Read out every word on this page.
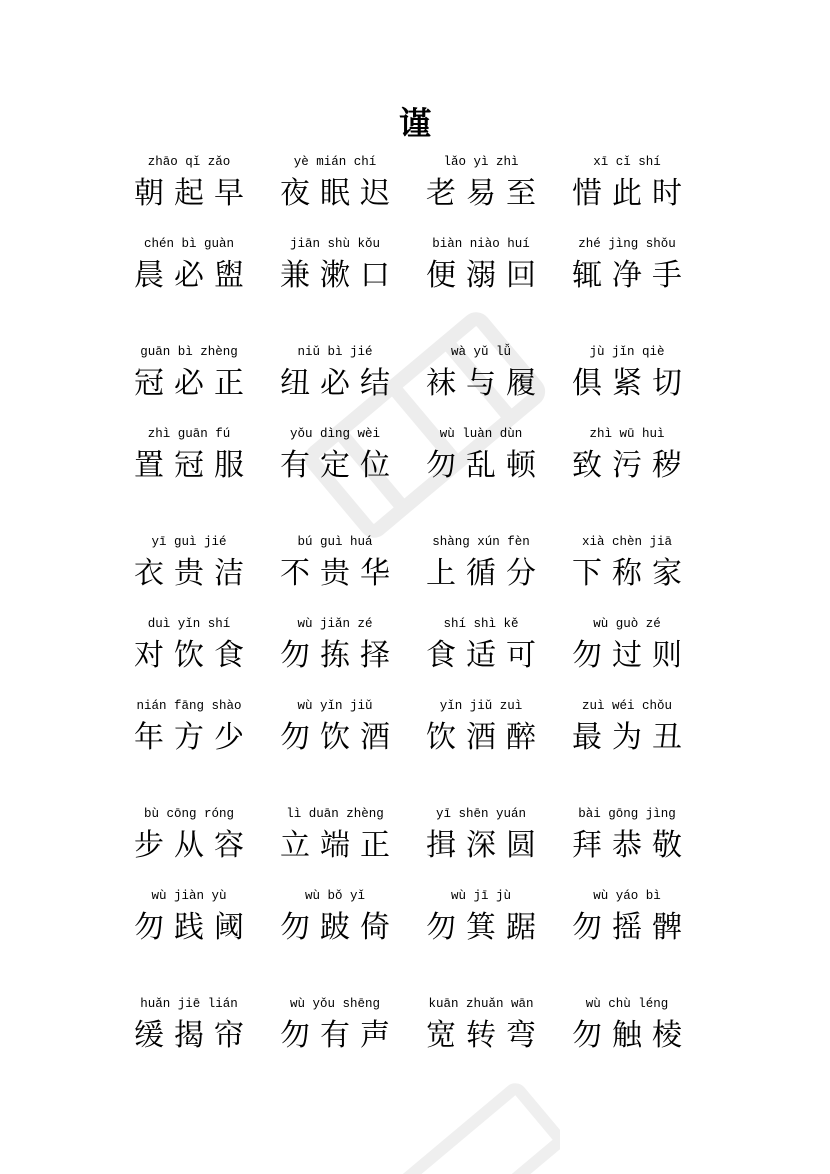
谨
zhāo qǐ zǎo
朝起早
yè mián chí
夜眠迟
lǎo yì zhì
老易至
xī cǐ shí
惜此时
chén bì guàn
晨必盥
jiān shù kǒu
兼漱口
biàn niào huí
便溺回
zhé jìng shǒu
辄净手
guān bì zhèng
冠必正
niǔ bì jié
纽必结
wà yǔ lǚ
袜与履
jù jǐn qiè
俱紧切
zhì guān fú
置冠服
yǒu dìng wèi
有定位
wù luàn dùn
勿乱顿
zhì wū huì
致污秽
yī guì jié
衣贵洁
bú guì huá
不贵华
shàng xún fèn
上循分
xià chèn jiā
下称家
duì yǐn shí
对饮食
wù jiǎn zé
勿拣择
shí shì kě
食适可
wù guò zé
勿过则
nián fāng shào
年方少
wù yǐn jiǔ
勿饮酒
yǐn jiǔ zuì
饮酒醉
zuì wéi chǒu
最为丑
bù cōng róng
步从容
lì duān zhèng
立端正
yī shēn yuán
揖深圆
bài gōng jìng
拜恭敬
wù jiàn yù
勿践阈
wù bǒ yǐ
勿跛倚
wù jī jù
勿箕踞
wù yáo bì
勿摇髀
huǎn jiē lián
缓揭帘
wù yǒu shēng
勿有声
kuān zhuǎn wān
宽转弯
wù chù léng
勿触棱
